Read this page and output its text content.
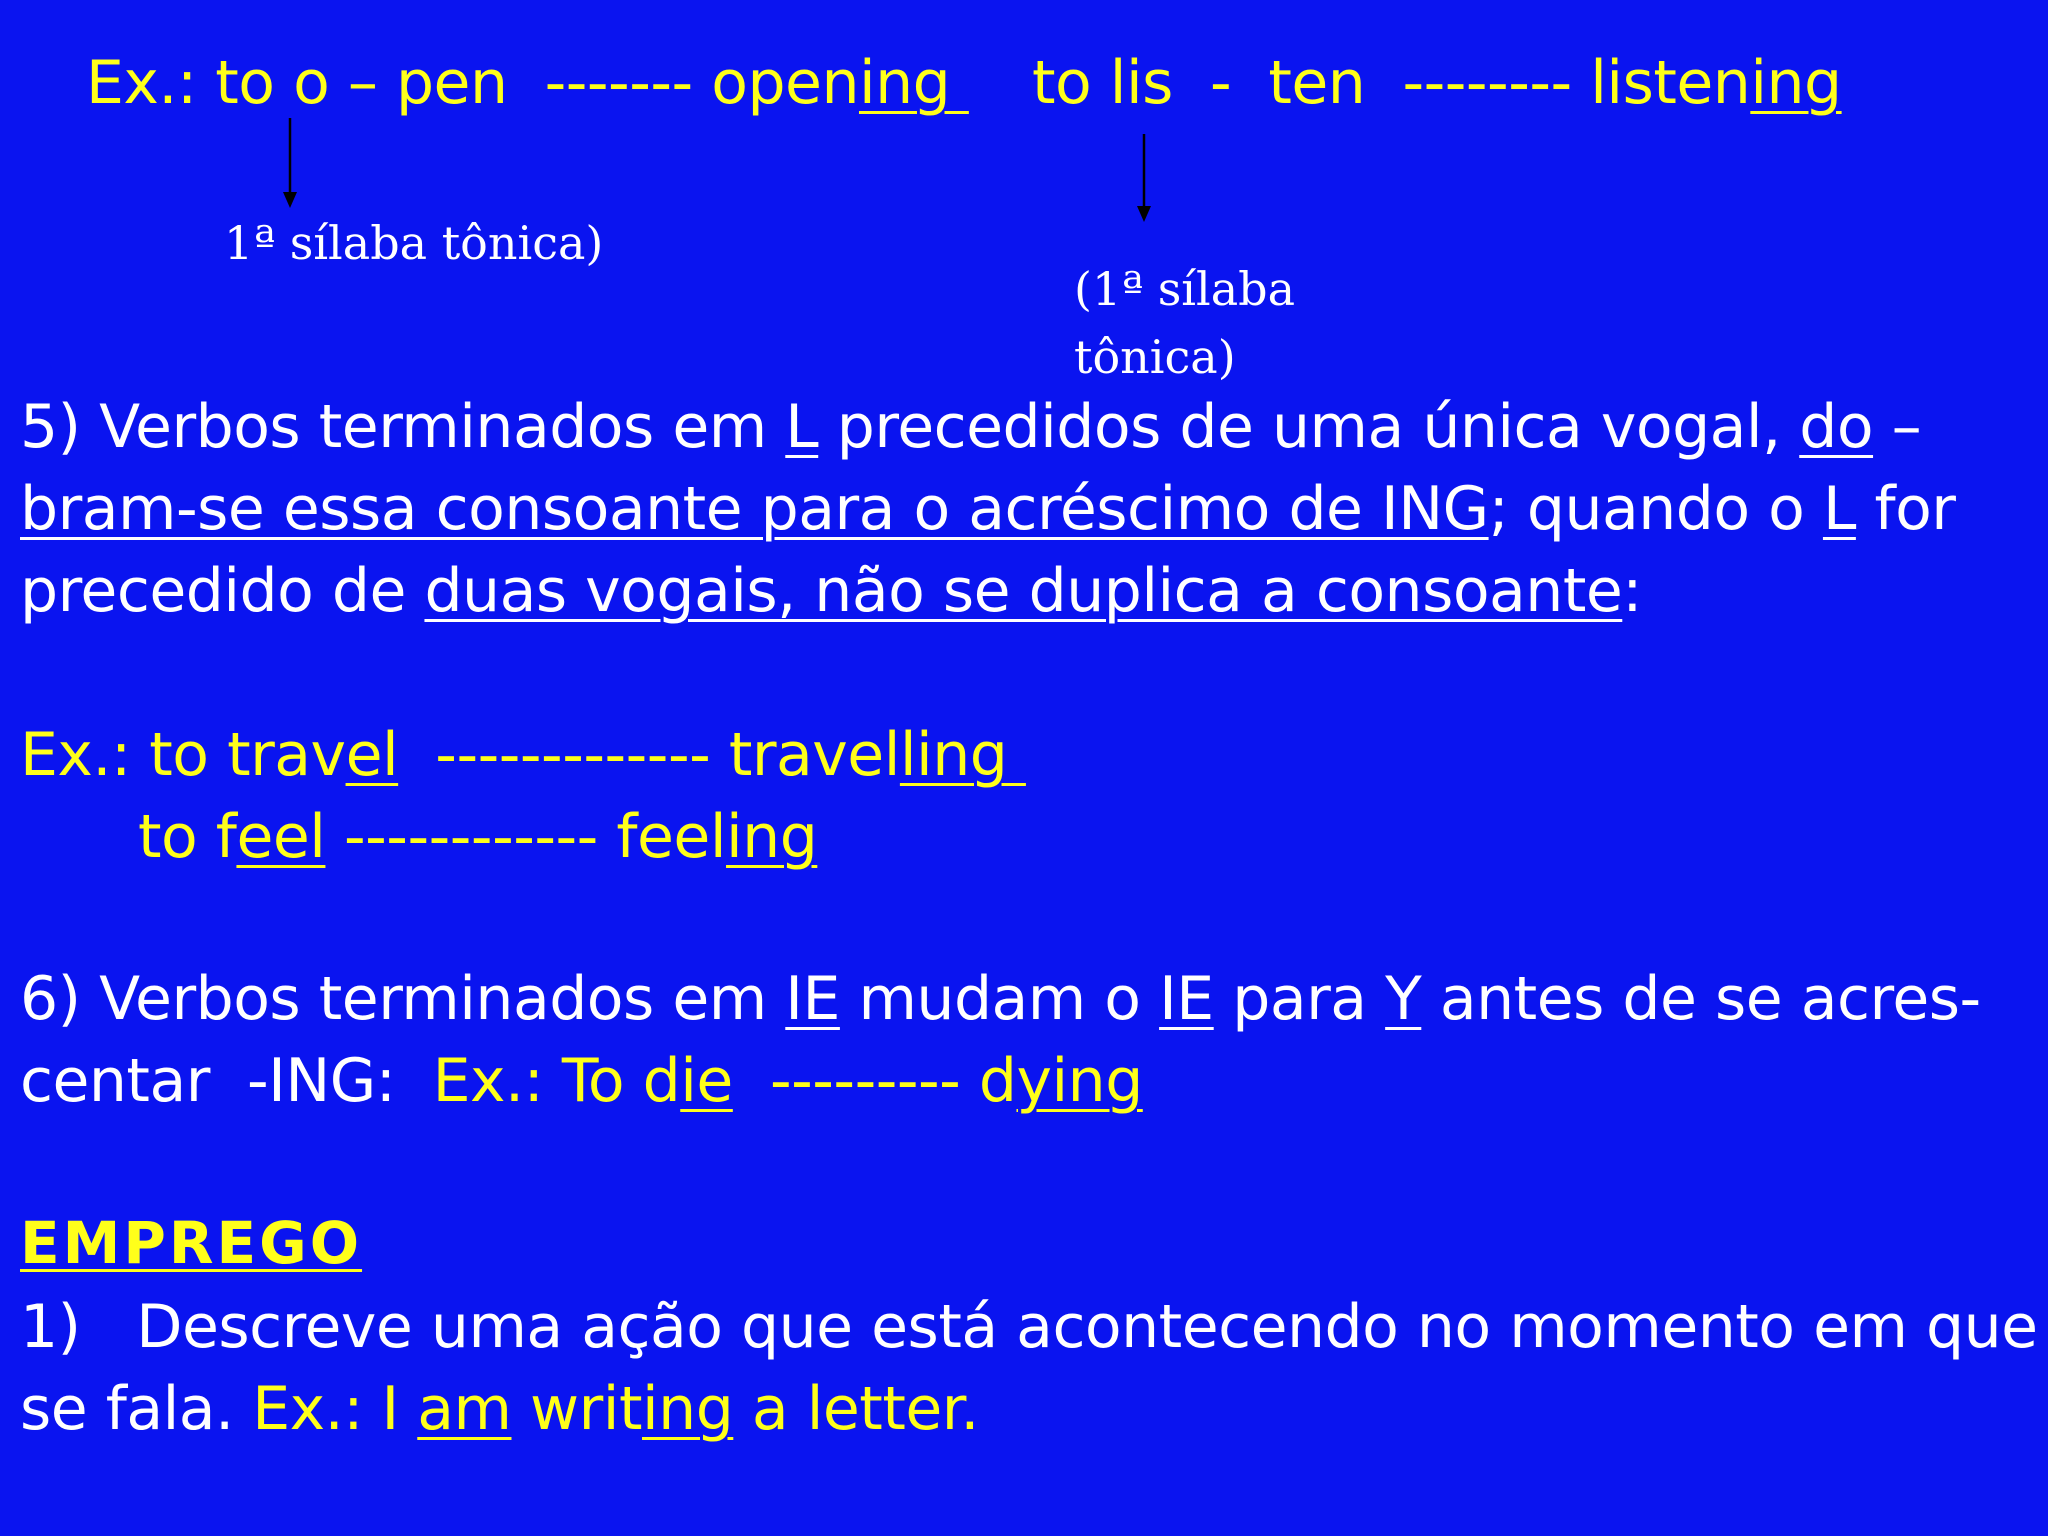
Ex.: to o – pen  ------- opening to lis  -  ten  -------- listening
1ª sílaba tônica)
(1ª sílaba
tônica)
5) Verbos terminados em L precedidos de uma única vogal, do –
bram-se essa consoante para o acréscimo de ING; quando o L for
precedido de duas vogais, não se duplica a consoante:
Ex.: to travel  ------------- travelling
to feel ------------ feeling
6) Verbos terminados em IE mudam o IE para Y antes de se acres-
centar  -ING:  Ex.: To die  --------- dying
EMPREGO
1)   Descreve uma ação que está acontecendo no momento em que
se fala. Ex.: I am writing a letter.
